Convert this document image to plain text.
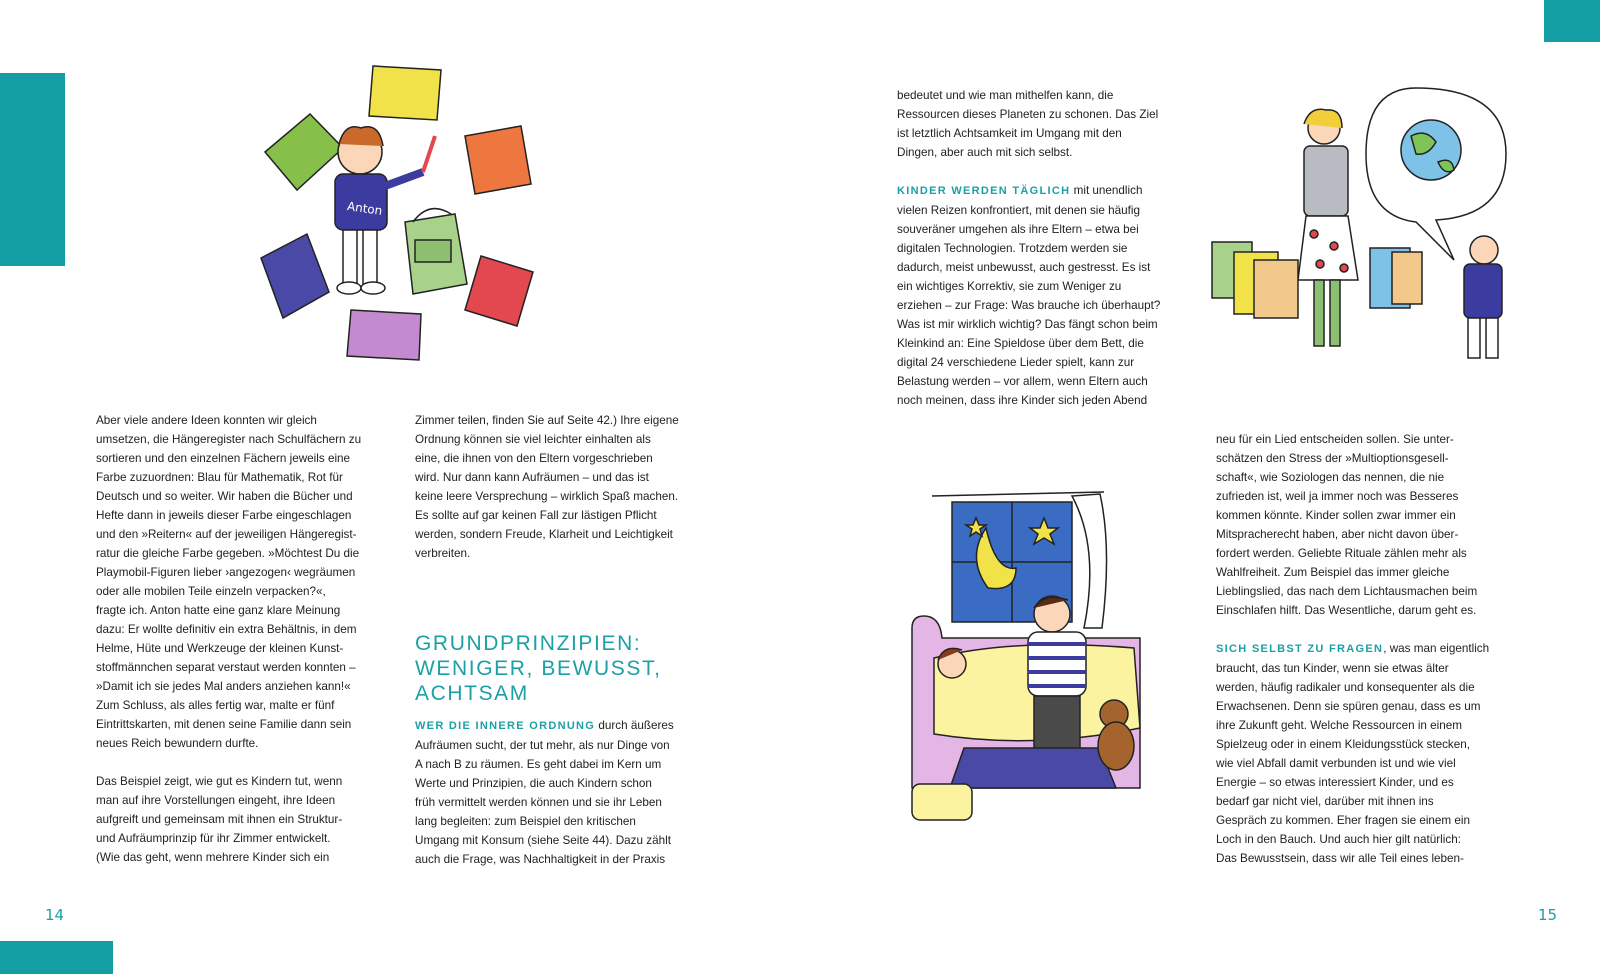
Anton

Aber viele andere Ideen konnten wir gleich
umsetzen, die Hängeregister nach Schulfächern zu
sortieren und den einzelnen Fächern jeweils eine
Farbe zuzuordnen: Blau für Mathematik, Rot für
Deutsch und so weiter. Wir haben die Bücher und
Hefte dann in jeweils dieser Farbe eingeschlagen
und den »Reitern« auf der jeweiligen Hängeregist-
ratur die gleiche Farbe gegeben. »Möchtest Du die
Playmobil-Figuren lieber ›angezogen‹ wegräumen
oder alle mobilen Teile einzeln verpacken?«,
fragte ich. Anton hatte eine ganz klare Meinung
dazu: Er wollte definitiv ein extra Behältnis, in dem
Helme, Hüte und Werkzeuge der kleinen Kunst-
stoffmännchen separat verstaut werden konnten –
»Damit ich sie jedes Mal anders anziehen kann!«
Zum Schluss, als alles fertig war, malte er fünf
Eintrittskarten, mit denen seine Familie dann sein
neues Reich bewundern durfte.

Das Beispiel zeigt, wie gut es Kindern tut, wenn
man auf ihre Vorstellungen eingeht, ihre Ideen
aufgreift und gemeinsam mit ihnen ein Struktur-
und Aufräumprinzip für ihr Zimmer entwickelt.
(Wie das geht, wenn mehrere Kinder sich ein

Zimmer teilen, finden Sie auf Seite 42.) Ihre eigene
Ordnung können sie viel leichter einhalten als
eine, die ihnen von den Eltern vorgeschrieben
wird. Nur dann kann Aufräumen – und das ist
keine leere Versprechung – wirklich Spaß machen.
Es sollte auf gar keinen Fall zur lästigen Pflicht
werden, sondern Freude, Klarheit und Leichtigkeit
verbreiten.

GRUNDPRINZIPIEN:
WENIGER, BEWUSST,
ACHTSAM

WER DIE INNERE ORDNUNG durch äußeres
Aufräumen sucht, der tut mehr, als nur Dinge von
A nach B zu räumen. Es geht dabei im Kern um
Werte und Prinzipien, die auch Kindern schon
früh vermittelt werden können und sie ihr Leben
lang begleiten: zum Beispiel den kritischen
Umgang mit Konsum (siehe Seite 44). Dazu zählt
auch die Frage, was Nachhaltigkeit in der Praxis

bedeutet und wie man mithelfen kann, die
Ressourcen dieses Planeten zu schonen. Das Ziel
ist letztlich Achtsamkeit im Umgang mit den
Dingen, aber auch mit sich selbst.

KINDER WERDEN TÄGLICH mit unendlich
vielen Reizen konfrontiert, mit denen sie häufig
souveräner umgehen als ihre Eltern – etwa bei
digitalen Technologien. Trotzdem werden sie
dadurch, meist unbewusst, auch gestresst. Es ist
ein wichtiges Korrektiv, sie zum Weniger zu
erziehen – zur Frage: Was brauche ich überhaupt?
Was ist mir wirklich wichtig? Das fängt schon beim
Kleinkind an: Eine Spieldose über dem Bett, die
digital 24 verschiedene Lieder spielt, kann zur
Belastung werden – vor allem, wenn Eltern auch
noch meinen, dass ihre Kinder sich jeden Abend

neu für ein Lied entscheiden sollen. Sie unter-
schätzen den Stress der »Multioptionsgesell-
schaft«, wie Soziologen das nennen, die nie
zufrieden ist, weil ja immer noch was Besseres
kommen könnte. Kinder sollen zwar immer ein
Mitspracherecht haben, aber nicht davon über-
fordert werden. Geliebte Rituale zählen mehr als
Wahlfreiheit. Zum Beispiel das immer gleiche
Lieblingslied, das nach dem Lichtausmachen beim
Einschlafen hilft. Das Wesentliche, darum geht es.

SICH SELBST ZU FRAGEN, was man eigentlich
braucht, das tun Kinder, wenn sie etwas älter
werden, häufig radikaler und konsequenter als die
Erwachsenen. Denn sie spüren genau, dass es um
ihre Zukunft geht. Welche Ressourcen in einem
Spielzeug oder in einem Kleidungsstück stecken,
wie viel Abfall damit verbunden ist und wie viel
Energie – so etwas interessiert Kinder, und es
bedarf gar nicht viel, darüber mit ihnen ins
Gespräch zu kommen. Eher fragen sie einem ein
Loch in den Bauch. Und auch hier gilt natürlich:
Das Bewusstsein, dass wir alle Teil eines leben-

14	15
